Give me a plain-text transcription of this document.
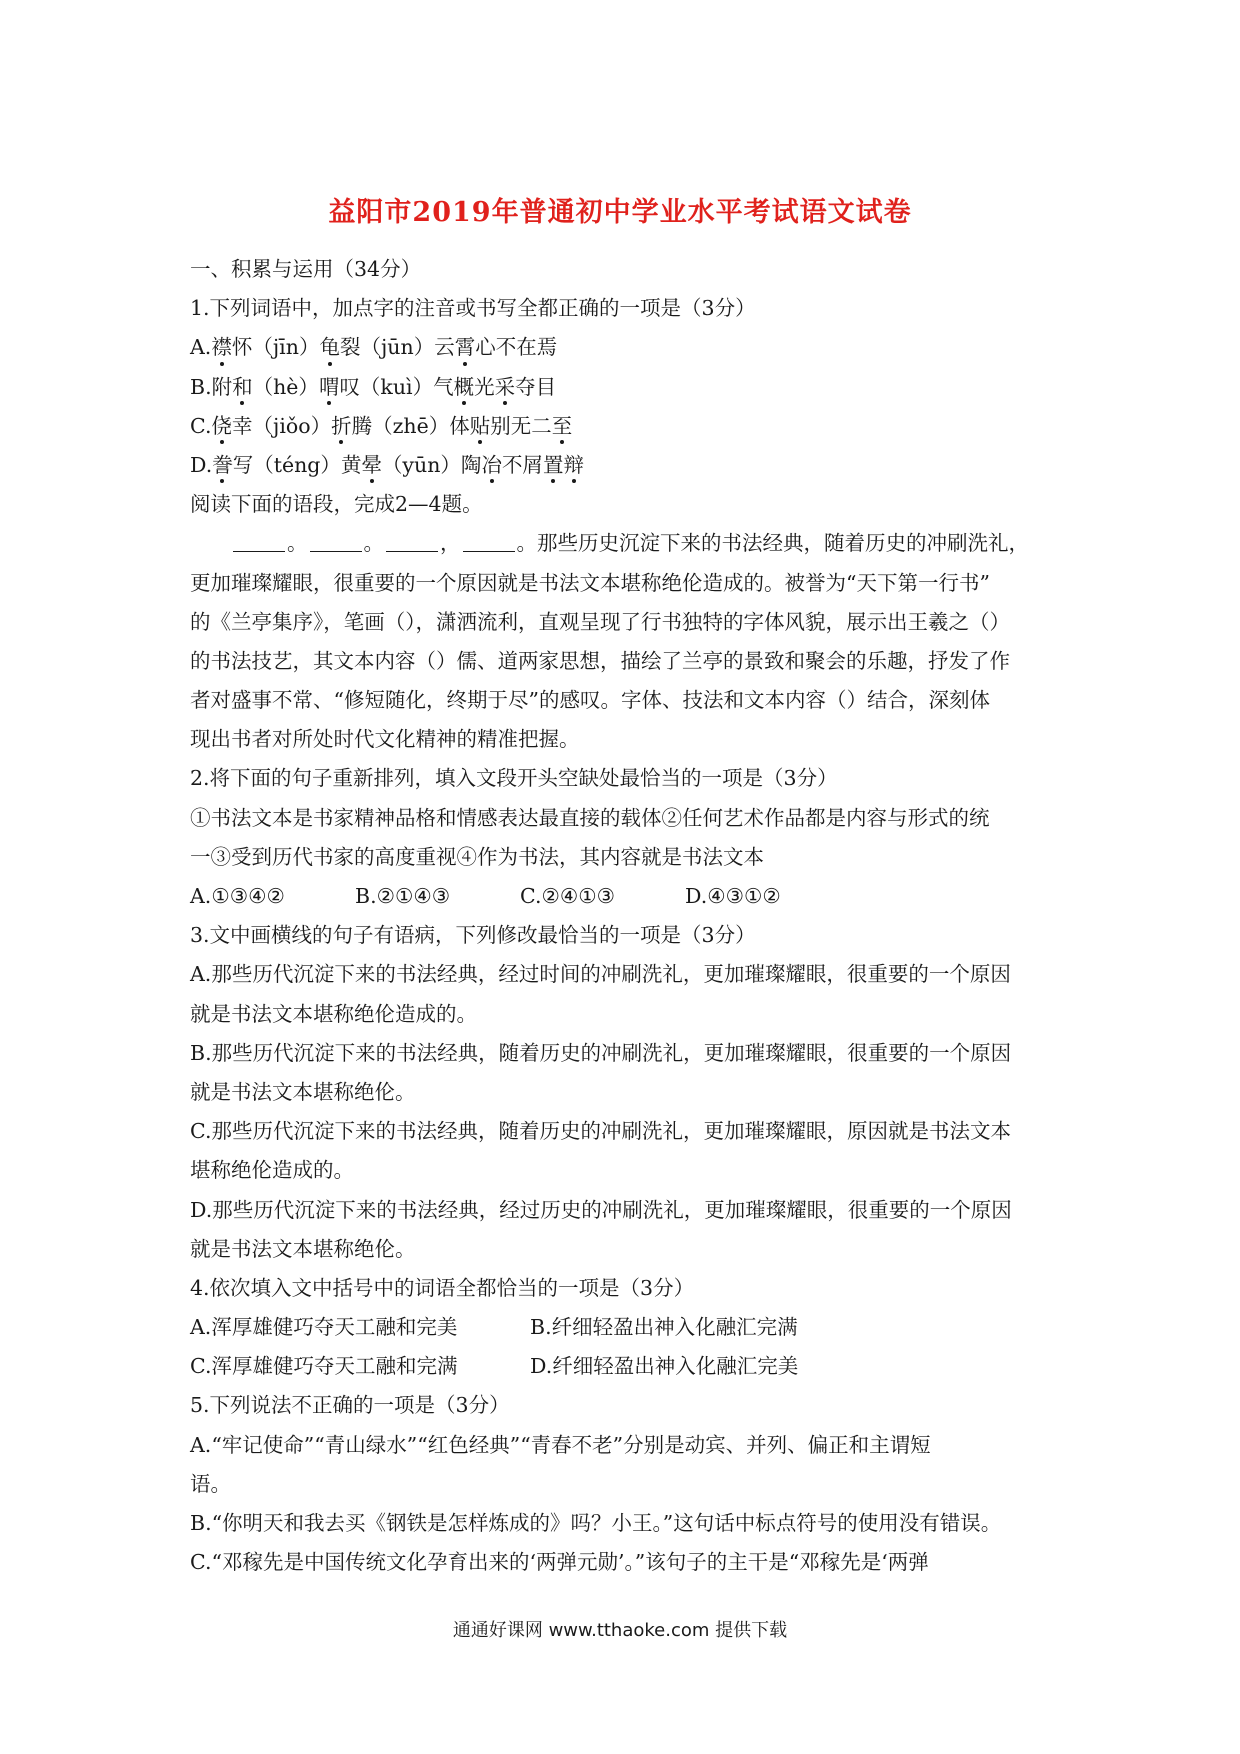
益阳市2019年普通初中学业水平考试语文试卷
一、积累与运用（34分）
1.下列词语中，加点字的注音或书写全都正确的一项是（3分）
A.襟怀（jīn）龟裂（jūn）云霄心不在焉
B.附和（hè）喟叹（kuì）气概光采夺目
C.侥幸（jiǒo）折腾（zhē）体贴别无二至
D.誊写（téng）黄晕（yūn）陶冶不屑置辩
阅读下面的语段，完成2—4题。
。	。	，	。那些历史沉淀下来的书法经典，随着历史的冲刷洗礼，
更加璀璨耀眼，很重要的一个原因就是书法文本堪称绝伦造成的。被誉为“天下第一行书”
的《兰亭集序》，笔画（），潇洒流利，直观呈现了行书独特的字体风貌，展示出王羲之（）
的书法技艺，其文本内容（）儒、道两家思想，描绘了兰亭的景致和聚会的乐趣，抒发了作
者对盛事不常、“修短随化，终期于尽”的感叹。字体、技法和文本内容（）结合，深刻体
现出书者对所处时代文化精神的精准把握。
2.将下面的句子重新排列，填入文段开头空缺处最恰当的一项是（3分）
①书法文本是书家精神品格和情感表达最直接的载体②任何艺术作品都是内容与形式的统
一③受到历代书家的高度重视④作为书法，其内容就是书法文本
A.①③④②	B.②①④③	C.②④①③	D.④③①②
3.文中画横线的句子有语病，下列修改最恰当的一项是（3分）
A.那些历代沉淀下来的书法经典，经过时间的冲刷洗礼，更加璀璨耀眼，很重要的一个原因
就是书法文本堪称绝伦造成的。
B.那些历代沉淀下来的书法经典，随着历史的冲刷洗礼，更加璀璨耀眼，很重要的一个原因
就是书法文本堪称绝伦。
C.那些历代沉淀下来的书法经典，随着历史的冲刷洗礼，更加璀璨耀眼，原因就是书法文本
堪称绝伦造成的。
D.那些历代沉淀下来的书法经典，经过历史的冲刷洗礼，更加璀璨耀眼，很重要的一个原因
就是书法文本堪称绝伦。
4.依次填入文中括号中的词语全都恰当的一项是（3分）
A.浑厚雄健巧夺天工融和完美	B.纤细轻盈出神入化融汇完满
C.浑厚雄健巧夺天工融和完满	D.纤细轻盈出神入化融汇完美
5.下列说法不正确的一项是（3分）
A.“牢记使命”“青山绿水”“红色经典”“青春不老”分别是动宾、并列、偏正和主谓短
语。
B.“你明天和我去买《钢铁是怎样炼成的》吗？小王。”这句话中标点符号的使用没有错误。
C.“邓稼先是中国传统文化孕育出来的‘两弹元勋’。”该句子的主干是“邓稼先是‘两弹
通通好课网 www.tthaoke.com 提供下载
